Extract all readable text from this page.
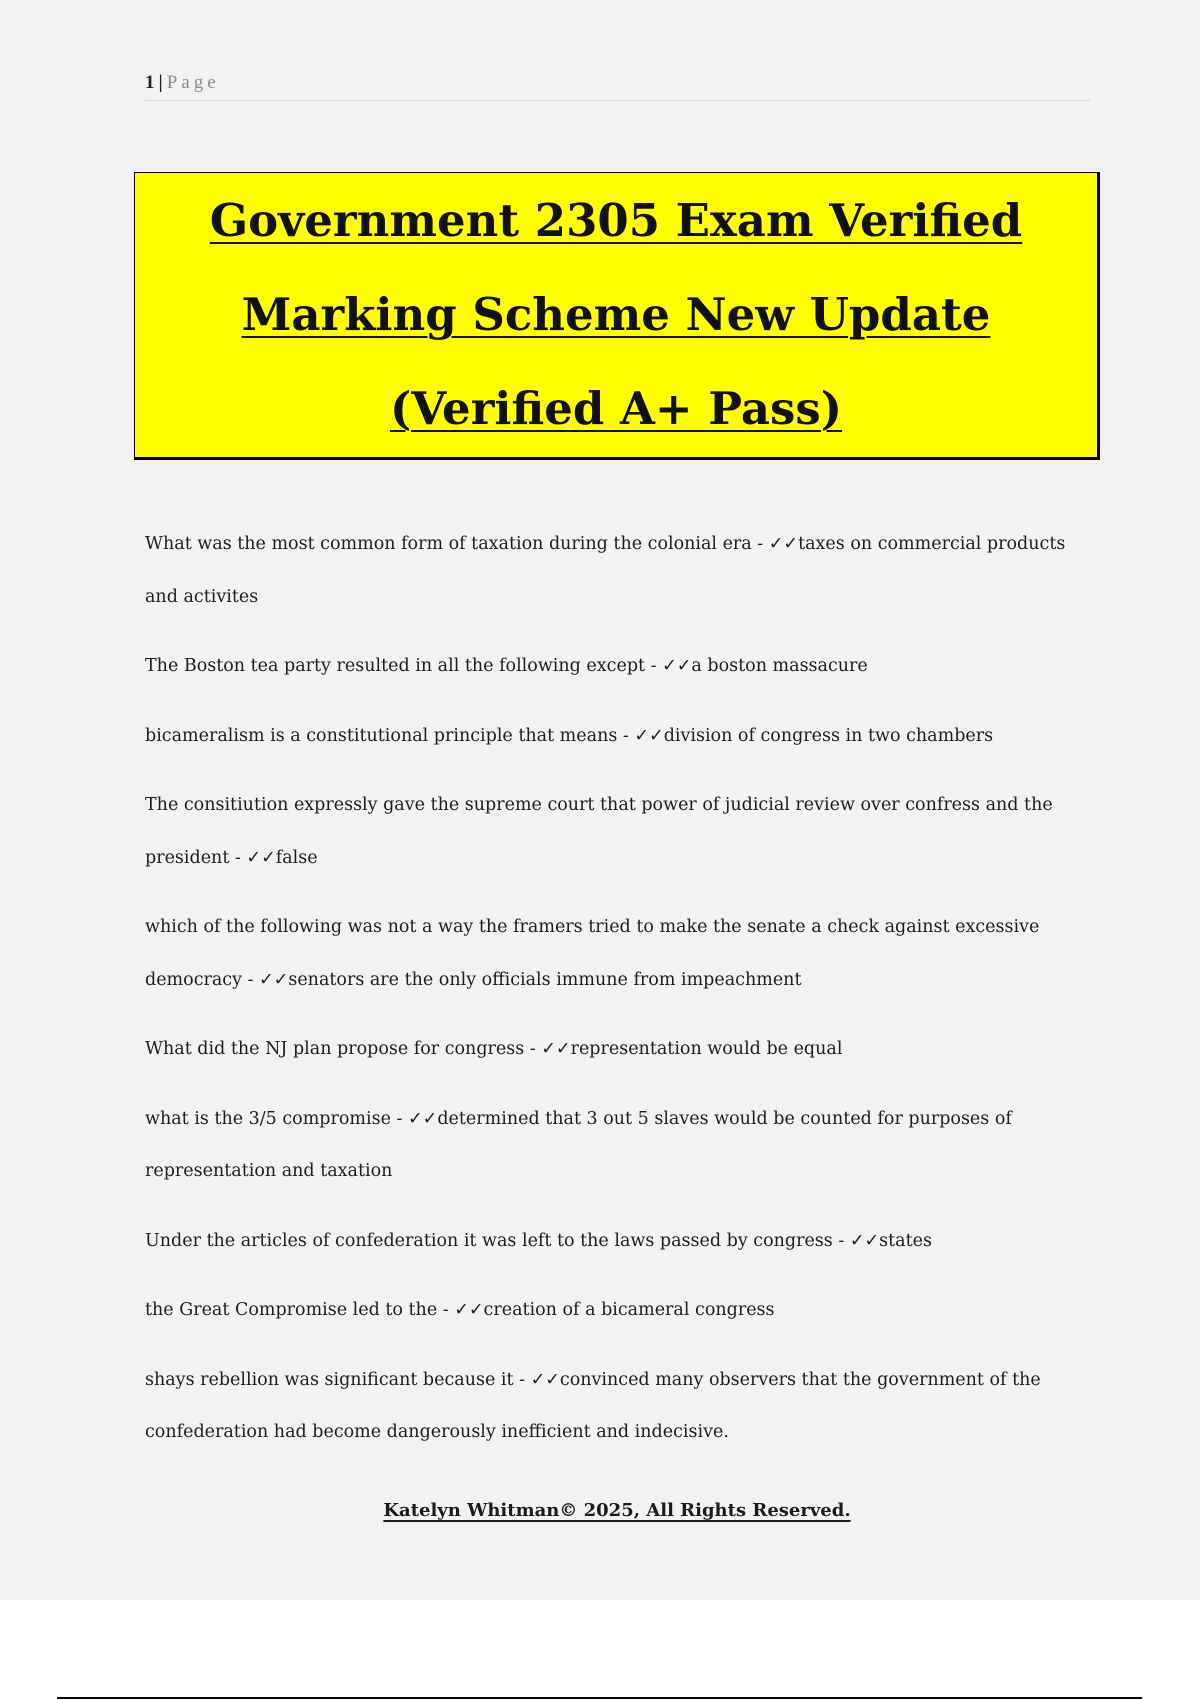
1 | Page
Government 2305 Exam Verified
Marking Scheme New Update
(Verified A+ Pass)

What was the most common form of taxation during the colonial era - ✓✓taxes on commercial products and activites

The Boston tea party resulted in all the following except - ✓✓a boston massacure

bicameralism is a constitutional principle that means - ✓✓division of congress in two chambers

The consitiution expressly gave the supreme court that power of judicial review over confress and the president - ✓✓false

which of the following was not a way the framers tried to make the senate a check against excessive democracy - ✓✓senators are the only officials immune from impeachment

What did the NJ plan propose for congress - ✓✓representation would be equal

what is the 3/5 compromise - ✓✓determined that 3 out 5 slaves would be counted for purposes of representation and taxation

Under the articles of confederation it was left to the laws passed by congress - ✓✓states

the Great Compromise led to the - ✓✓creation of a bicameral congress

shays rebellion was significant because it - ✓✓convinced many observers that the government of the confederation had become dangerously inefficient and indecisive.

Katelyn Whitman© 2025, All Rights Reserved.
